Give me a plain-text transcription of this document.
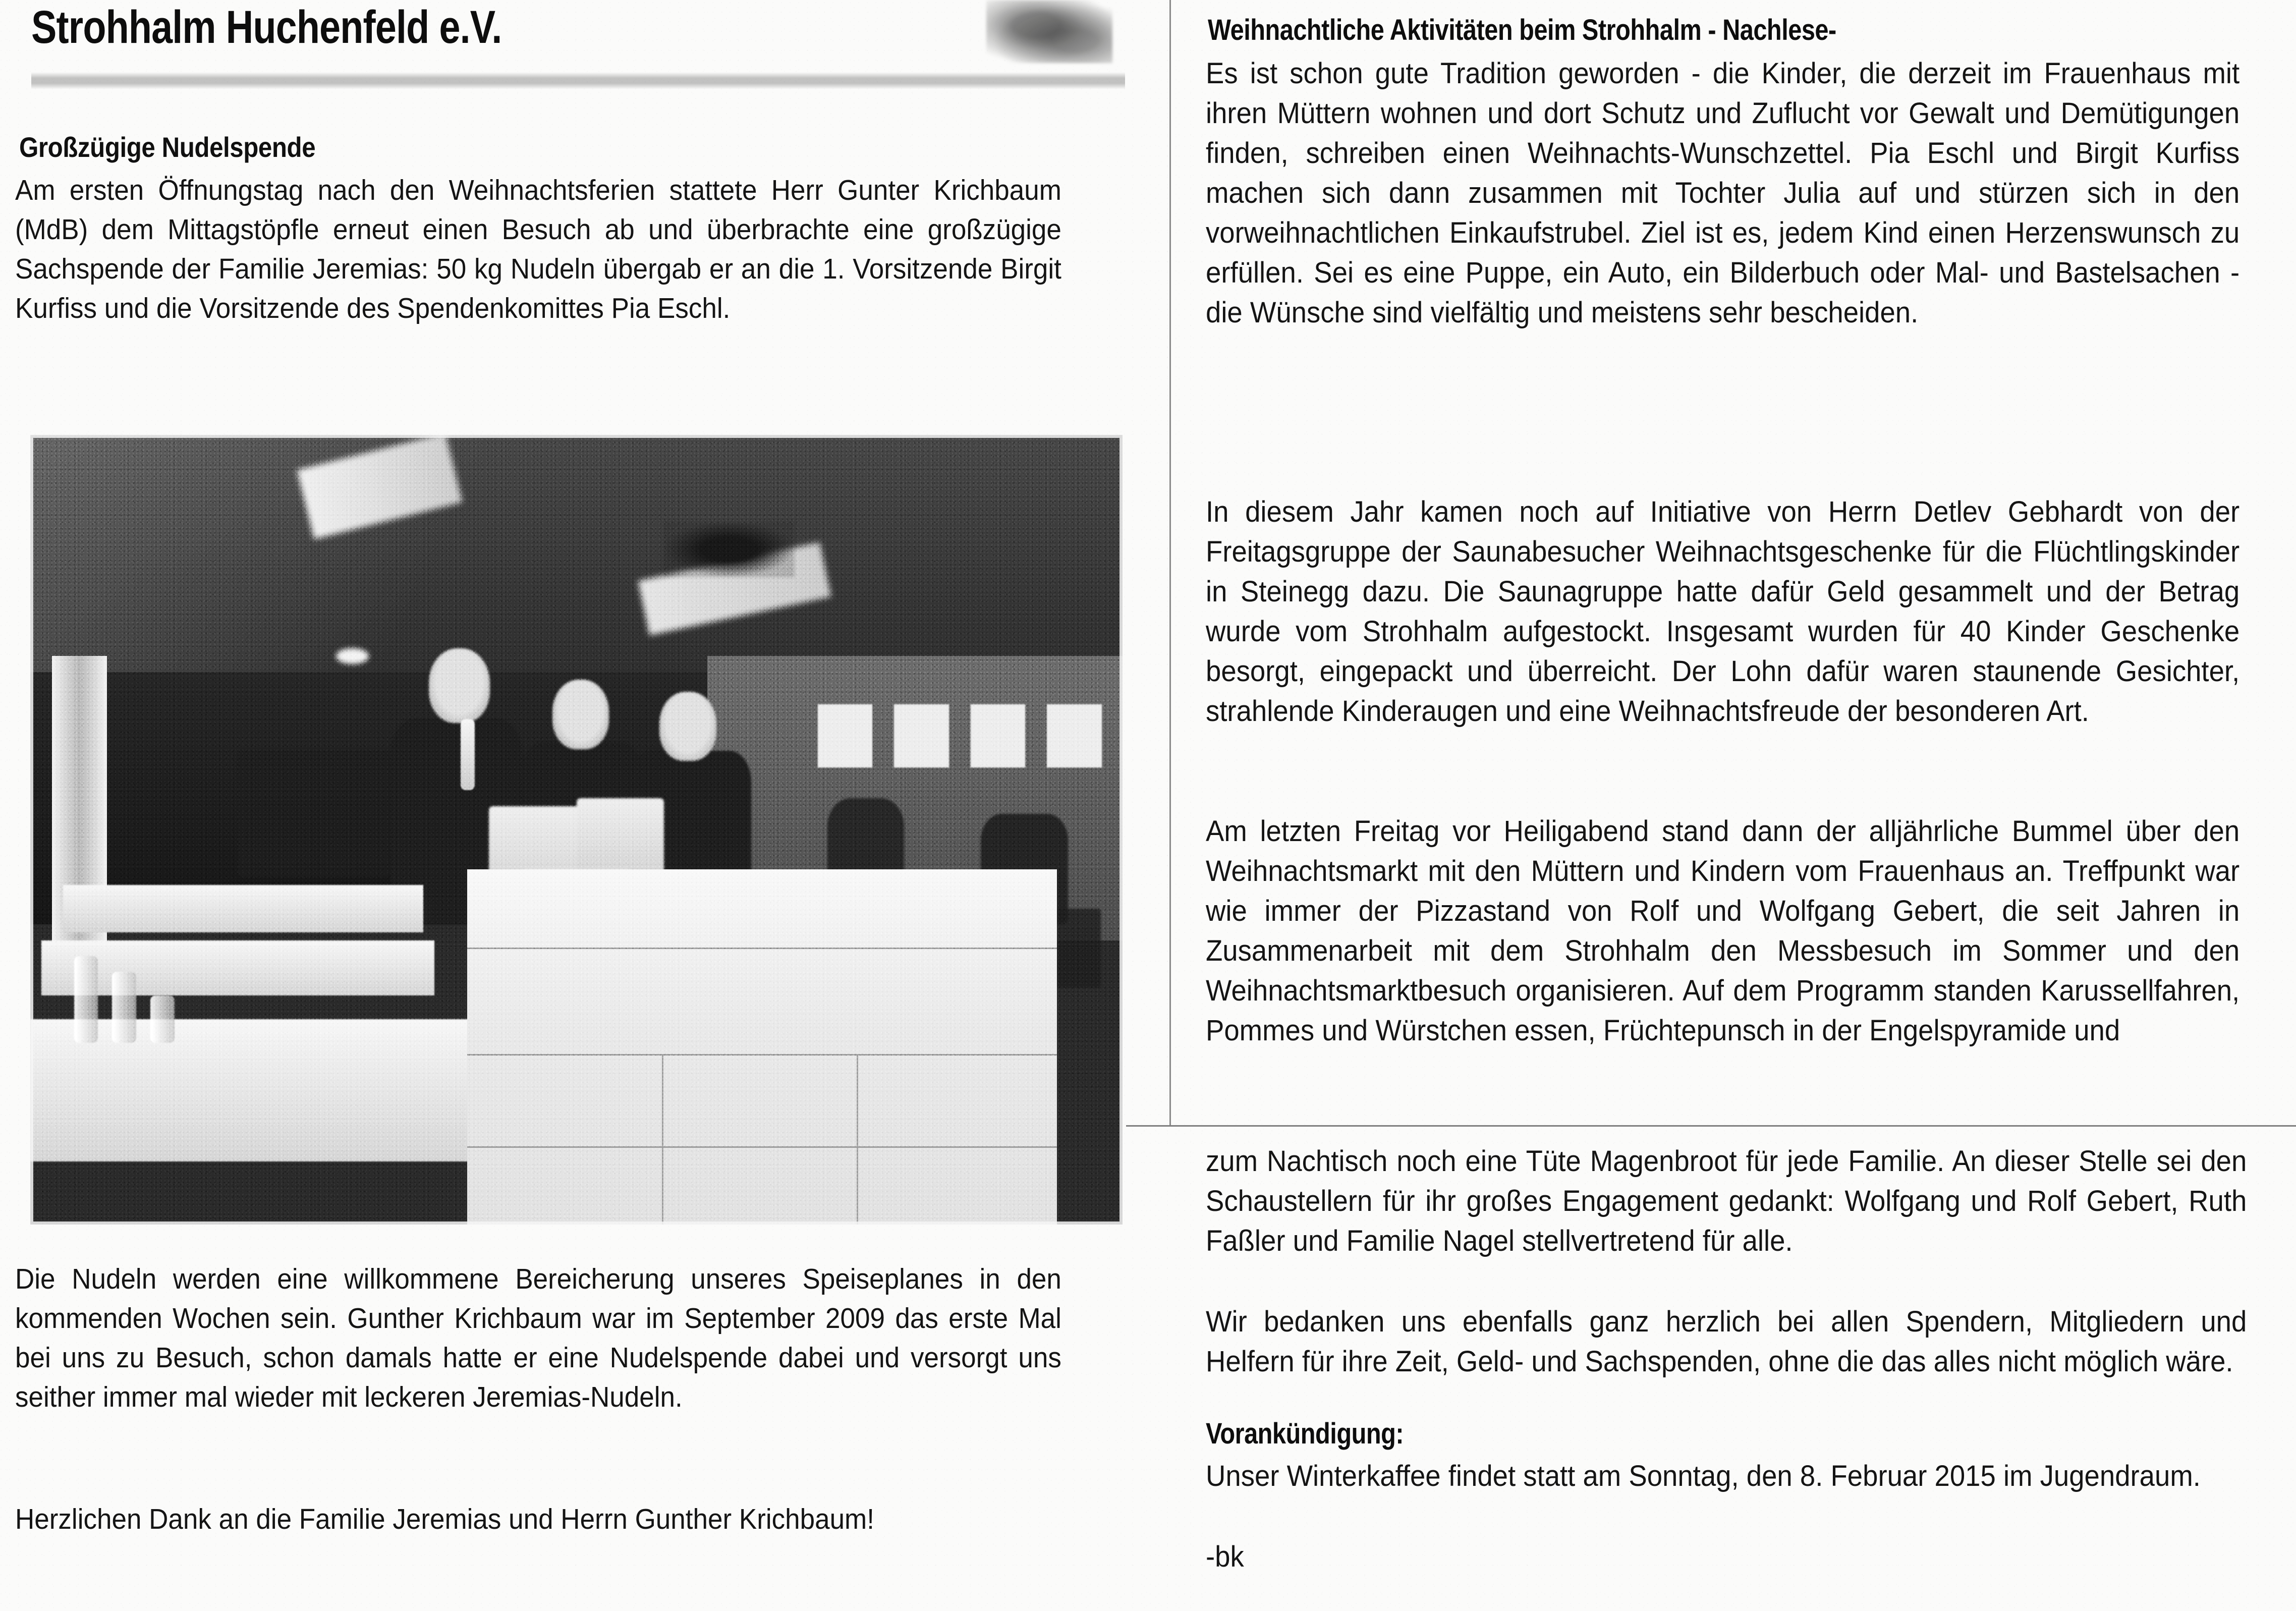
Strohhalm Huchenfeld e.V.
Großzügige Nudelspende

Am ersten Öffnungstag nach den Weihnachtsferien stattete Herr Gunter Krichbaum (MdB) dem Mittagstöpfle erneut einen Besuch ab und überbrachte eine großzügige Sachspende der Familie Jeremias: 50 kg Nudeln übergab er an die 1. Vorsitzende Birgit Kurfiss und die Vorsitzende des Spendenkomittes Pia Eschl.

Die Nudeln werden eine willkommene Bereicherung unseres Speiseplanes in den kommenden Wochen sein. Gunther Krichbaum war im September 2009 das erste Mal bei uns zu Besuch, schon damals hatte er eine Nudelspende dabei und versorgt uns seither immer mal wieder mit leckeren Jeremias-Nudeln.

Herzlichen Dank an die Familie Jeremias und Herrn Gunther Krichbaum!

Weihnachtliche Aktivitäten beim Strohhalm - Nachlese-

Es ist schon gute Tradition geworden - die Kinder, die derzeit im Frauenhaus mit ihren Müttern wohnen und dort Schutz und Zuflucht vor Gewalt und Demütigungen finden, schreiben einen Weihnachts-Wunschzettel. Pia Eschl und Birgit Kurfiss machen sich dann zusammen mit Tochter Julia auf und stürzen sich in den vorweihnachtlichen Einkaufstrubel. Ziel ist es, jedem Kind einen Herzenswunsch zu erfüllen. Sei es eine Puppe, ein Auto, ein Bilderbuch oder Mal- und Bastelsachen - die Wünsche sind vielfältig und meistens sehr bescheiden.

In diesem Jahr kamen noch auf Initiative von Herrn Detlev Gebhardt von der Freitagsgruppe der Saunabesucher Weihnachtsgeschenke für die Flüchtlingskinder in Steinegg dazu. Die Saunagruppe hatte dafür Geld gesammelt und der Betrag wurde vom Strohhalm aufgestockt. Insgesamt wurden für 40 Kinder Geschenke besorgt, eingepackt und überreicht. Der Lohn dafür waren staunende Gesichter, strahlende Kinderaugen und eine Weihnachtsfreude der besonderen Art.

Am letzten Freitag vor Heiligabend stand dann der alljährliche Bummel über den Weihnachtsmarkt mit den Müttern und Kindern vom Frauenhaus an. Treffpunkt war wie immer der Pizzastand von Rolf und Wolfgang Gebert, die seit Jahren in Zusammenarbeit mit dem Strohhalm den Messbesuch im Sommer und den Weihnachtsmarktbesuch organisieren. Auf dem Programm standen Karussellfahren, Pommes und Würstchen essen, Früchtepunsch in der Engelspyramide und

zum Nachtisch noch eine Tüte Magenbroot für jede Familie. An dieser Stelle sei den Schaustellern für ihr großes Engagement gedankt: Wolfgang und Rolf Gebert, Ruth Faßler und Familie Nagel stellvertretend für alle.

Wir bedanken uns ebenfalls ganz herzlich bei allen Spendern, Mitgliedern und Helfern für ihre Zeit, Geld- und Sachspenden, ohne die das alles nicht möglich wäre.

Vorankündigung:

Unser Winterkaffee findet statt am Sonntag, den 8. Februar 2015 im Jugendraum.

-bk
